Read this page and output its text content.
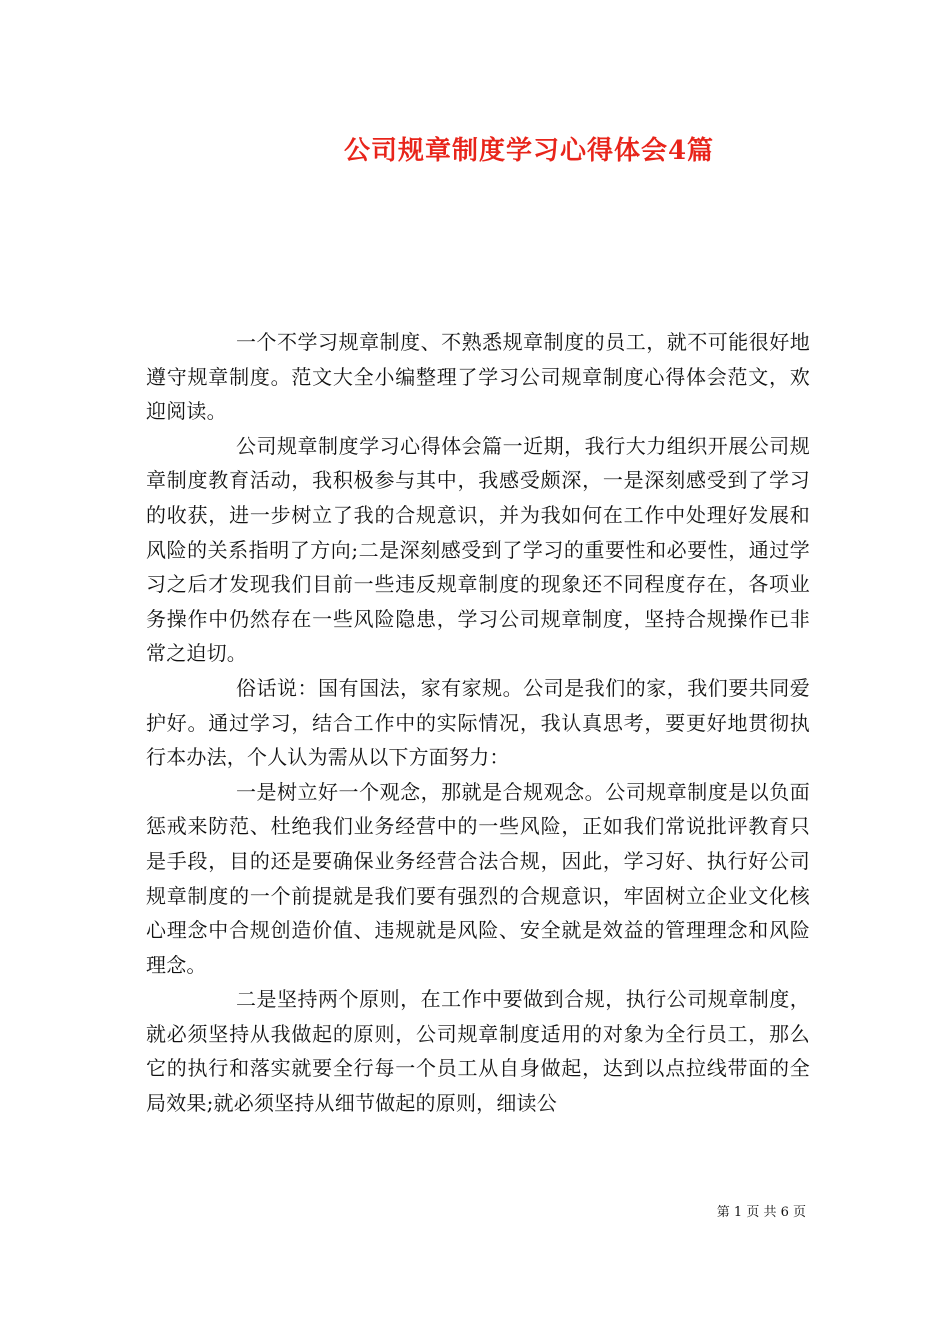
公司规章制度学习心得体会4篇

一个不学习规章制度、不熟悉规章制度的员工，就不可能很好地遵守规章制度。范文大全小编整理了学习公司规章制度心得体会范文，欢迎阅读。

公司规章制度学习心得体会篇一近期，我行大力组织开展公司规章制度教育活动，我积极参与其中，我感受颇深，一是深刻感受到了学习的收获，进一步树立了我的合规意识，并为我如何在工作中处理好发展和风险的关系指明了方向;二是深刻感受到了学习的重要性和必要性，通过学习之后才发现我们目前一些违反规章制度的现象还不同程度存在，各项业务操作中仍然存在一些风险隐患，学习公司规章制度，坚持合规操作已非常之迫切。

俗话说：国有国法，家有家规。公司是我们的家，我们要共同爱护好。通过学习，结合工作中的实际情况，我认真思考，要更好地贯彻执行本办法，个人认为需从以下方面努力：

一是树立好一个观念，那就是合规观念。公司规章制度是以负面惩戒来防范、杜绝我们业务经营中的一些风险，正如我们常说批评教育只是手段，目的还是要确保业务经营合法合规，因此，学习好、执行好公司规章制度的一个前提就是我们要有强烈的合规意识，牢固树立企业文化核心理念中合规创造价值、违规就是风险、安全就是效益的管理理念和风险理念。

二是坚持两个原则，在工作中要做到合规，执行公司规章制度，就必须坚持从我做起的原则，公司规章制度适用的对象为全行员工，那么它的执行和落实就要全行每一个员工从自身做起，达到以点拉线带面的全局效果;就必须坚持从细节做起的原则，细读公

第 1 页 共 6 页
